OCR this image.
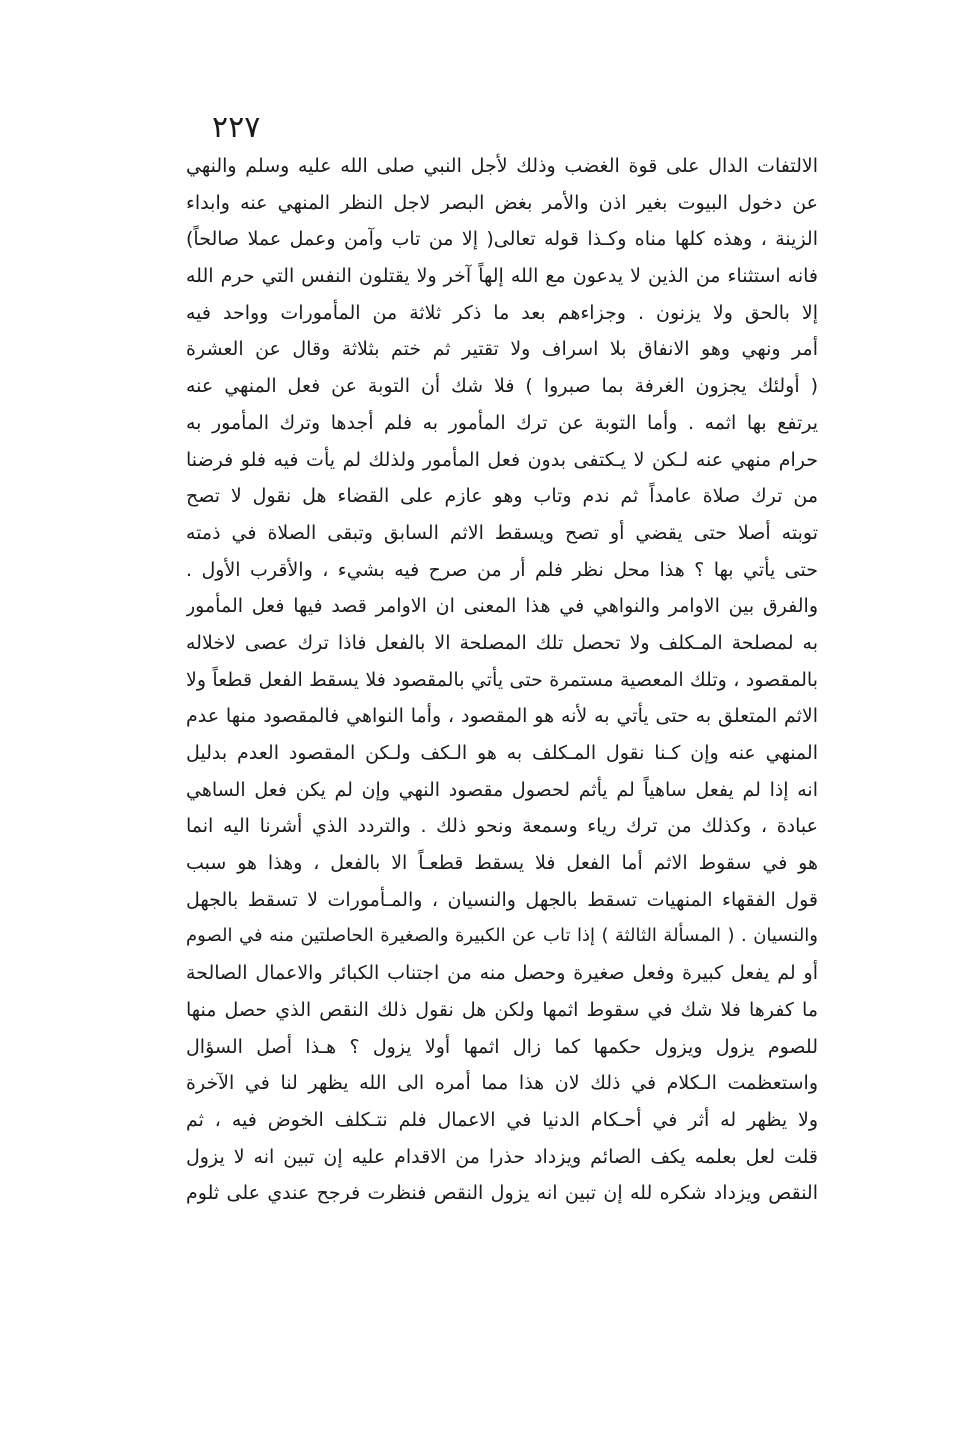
٢٢٧
الالتفات الدال على قوة الغضب وذلك لأجل النبي صلى الله عليه وسلم والنهي
عن دخول البيوت بغير اذن والأمر بغض البصر لاجل النظر المنهي عنه وابداء
الزينة ، وهذه كلها مناه وكـذا قوله تعالى( إلا من تاب وآمن وعمل عملا صالحاً)
فانه استثناء من الذين لا يدعون مع الله إلهاً آخر ولا يقتلون النفس التي حرم الله
إلا بالحق ولا يزنون . وجزاءهم بعد ما ذكر ثلاثة من المأمورات وواحد فيه
أمر ونهي وهو الانفاق بلا اسراف ولا تقتير ثم ختم بثلاثة وقال عن العشرة
( أولئك يجزون الغرفة بما صبروا ) فلا شك أن التوبة عن فعل المنهي عنه
يرتفع بها اثمه . وأما التوبة عن ترك المأمور به فلم أجدها وترك المأمور به
حرام منهي عنه لـكن لا يـكتفى بدون فعل المأمور ولذلك لم يأت فيه فلو فرضنا
من ترك صلاة عامداً ثم ندم وتاب وهو عازم على القضاء هل نقول لا تصح
توبته أصلا حتى يقضي أو تصح ويسقط الاثم السابق وتبقى الصلاة في ذمته
حتى يأتي بها ؟ هذا محل نظر فلم أر من صرح فيه بشيء ، والأقرب الأول .
والفرق بين الاوامر والنواهي في هذا المعنى ان الاوامر قصد فيها فعل المأمور
به لمصلحة المـكلف ولا تحصل تلك المصلحة الا بالفعل فاذا ترك عصى لاخلاله
بالمقصود ، وتلك المعصية مستمرة حتى يأتي بالمقصود فلا يسقط الفعل قطعاً ولا
الاثم المتعلق به حتى يأتي به لأنه هو المقصود ، وأما النواهي فالمقصود منها عدم
المنهي عنه وإن كـنا نقول المـكلف به هو الـكف ولـكن المقصود العدم بدليل
انه إذا لم يفعل ساهياً لم يأثم لحصول مقصود النهي وإن لم يكن فعل الساهي
عبادة ، وكذلك من ترك رياء وسمعة ونحو ذلك . والتردد الذي أشرنا اليه انما
هو في سقوط الاثم أما الفعل فلا يسقط قطعـاً الا بالفعل ، وهذا هو سبب
قول الفقهاء المنهيات تسقط بالجهل والنسيان ، والمـأمورات لا تسقط بالجهل
والنسيان . ( المسألة الثالثة ) إذا تاب عن الكبيرة والصغيرة الحاصلتين منه في الصوم
أو لم يفعل كبيرة وفعل صغيرة وحصل منه من اجتناب الكبائر والاعمال الصالحة
ما كفرها فلا شك في سقوط اثمها ولكن هل نقول ذلك النقص الذي حصل منها
للصوم يزول ويزول حكمها كما زال اثمها أولا يزول ؟ هـذا أصل السؤال
واستعظمت الـكلام في ذلك لان هذا مما أمره الى الله يظهر لنا في الآخرة
ولا يظهر له أثر في أحـكام الدنيا في الاعمال فلم نتـكلف الخوض فيه ، ثم
قلت لعل بعلمه يكف الصائم ويزداد حذرا من الاقدام عليه إن تبين انه لا يزول
النقص ويزداد شكره لله إن تبين انه يزول النقص فنظرت فرجح عندي على ثلوم
